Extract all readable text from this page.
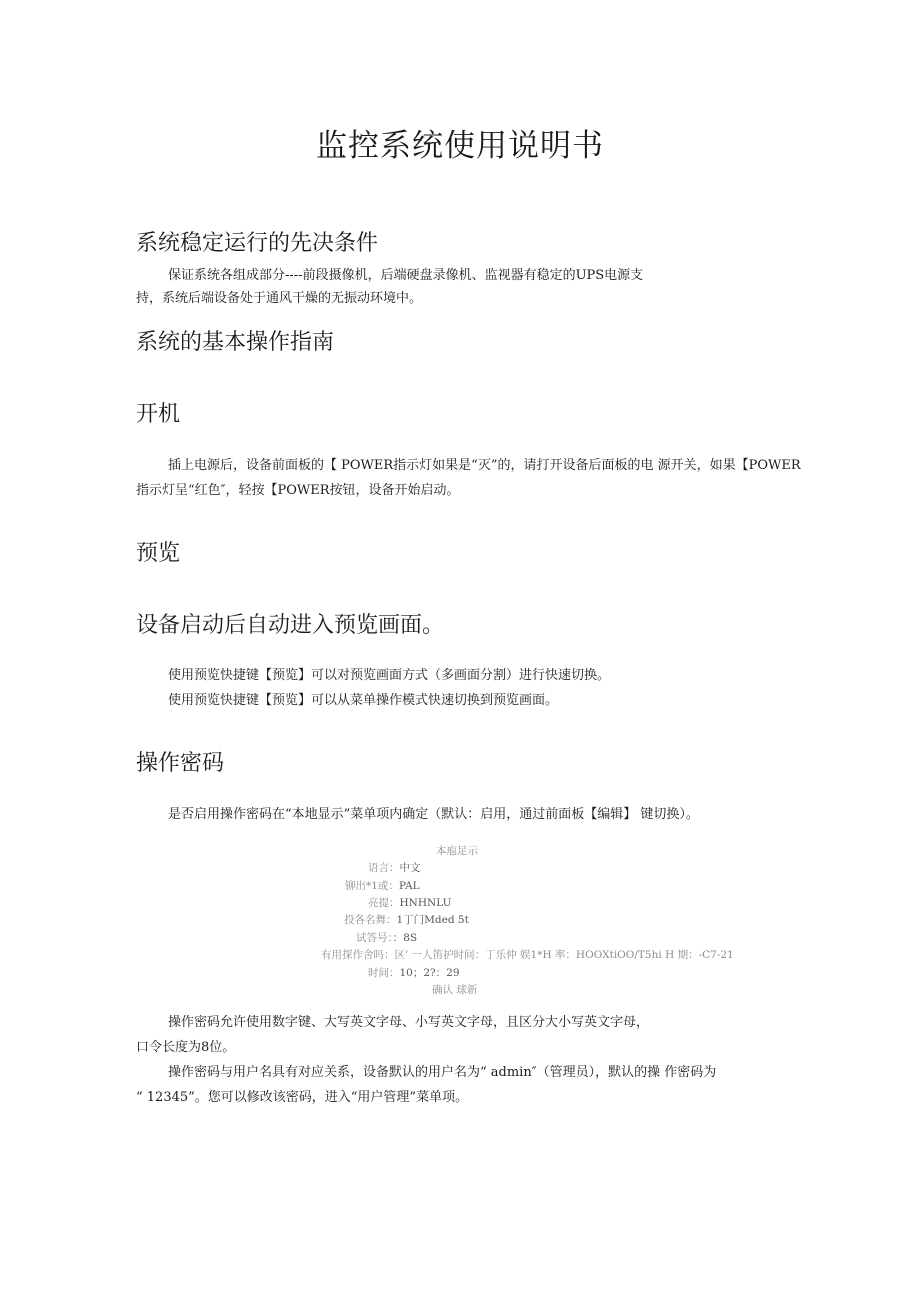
监控系统使用说明书
系统稳定运行的先决条件
保证系统各组成部分----前段摄像机，后端硬盘录像机、监视器有稳定的UPS电源支
持，系统后端设备处于通风干燥的无振动环境中。
系统的基本操作指南
开机
插上电源后，设备前面板的【 POWER指示灯如果是“灭”的，请打开设备后面板的电 源开关，如果【POWER
指示灯呈“红色″，轻按【POWER按钮，设备开始启动。
预览
设备启动后自动进入预览画面。
使用预览快捷键【预览】可以对预览画面方式（多画面分割）进行快速切换。
使用预览快捷键【预览】可以从菜单操作模式快速切换到预览画面。
操作密码
是否启用操作密码在“本地显示”菜单项内确定（默认：启用，通过前面板【编辑】 键切换）。
本庖足示
语言：中文
铆出*1或：PAL
亮提：HNHNLU
投各名舞：1丁门Mded 5t
试答号：：8S
有用探作舍吗：区’ 一人笛护时间：丁乐仲 娱1*H 率：HOOXtiOO/T5hi H 期：-C7-21
时间：10；2?：29
确认 球新
操作密码允许使用数字键、大写英文字母、小写英文字母，且区分大小写英文字母，
口令长度为8位。
操作密码与用户名具有对应关系，设备默认的用户名为“ admin″（管理员），默认的操 作密码为
“ 12345”。您可以修改该密码，进入“用户管理”菜单项。
